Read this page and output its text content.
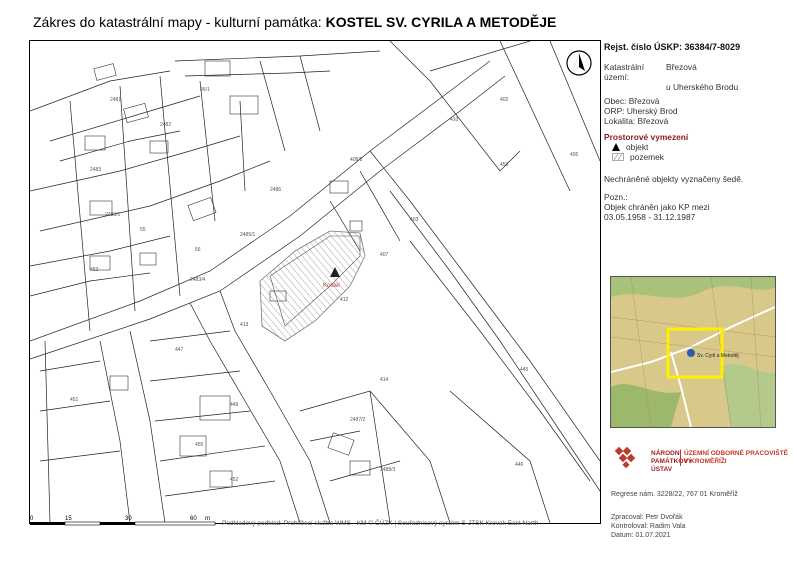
Zákres do katastrální mapy - kulturní památka: KOSTEL SV. CYRILA A METODĚJE
Kostel
45/1
410
402
2481
2482
2483
2480/1
2485/1
2483/4
2486
408/2
403
407
459
405
412
413
414
2487/2
2488/3
445
446
447
449
450
451
452
453
55
56
0	15	30	60 m
Podkladový podklad: Prohlížecí služba WMS - KM © ČÚZK | Souřadnicový systém S-JTSK Krovak East North
Rejst. číslo ÚSKP: 36384/7-8029
Katastrální území:
Březová
u Uherského Brodu
Obec:
Březová
ORP:
Uherský Brod
Lokalita:
Březová
Prostorové vymezení
objekt
pozemek
Nechráněné objekty vyznačeny šedě.
Pozn.:
Objek chráněn jako KP mezi
03.05.1958 - 31.12.1987
Sv. Cyril a Metoděj
NÁRODNÍ
PAMÁTKOVÝ
ÚSTAV
ÚZEMNÍ ODBORNÉ PRACOVIŠTĚ
V KROMĚŘÍŽI
Regrese nám. 3228/22, 767 01 Kroměříž
Zpracoval: Petr Dvořák
Kontroloval: Radim Vala
Datum: 01.07.2021
